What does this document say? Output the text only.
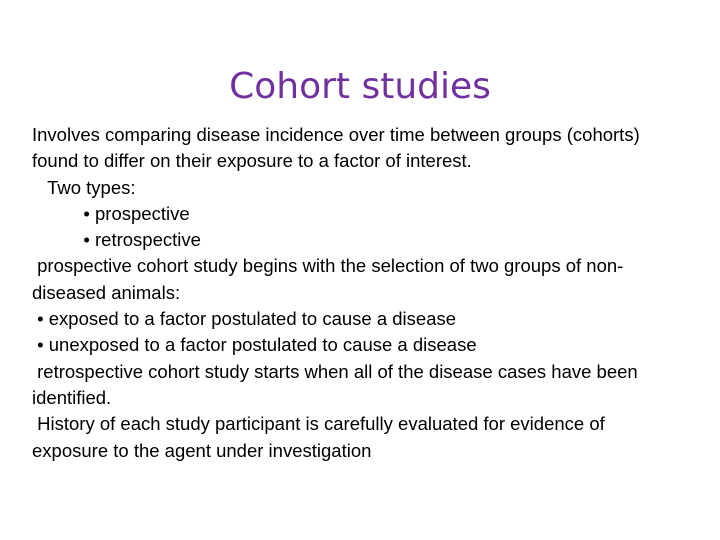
Cohort studies
Involves comparing disease incidence over time between groups (cohorts)
found to differ on their exposure to a factor of interest.
Two types:
• prospective
• retrospective
prospective cohort study begins with the selection of two groups of non-
diseased animals:
• exposed to a factor postulated to cause a disease
• unexposed to a factor postulated to cause a disease
retrospective cohort study starts when all of the disease cases have been
identified.
History of each study participant is carefully evaluated for evidence of
exposure to the agent under investigation
